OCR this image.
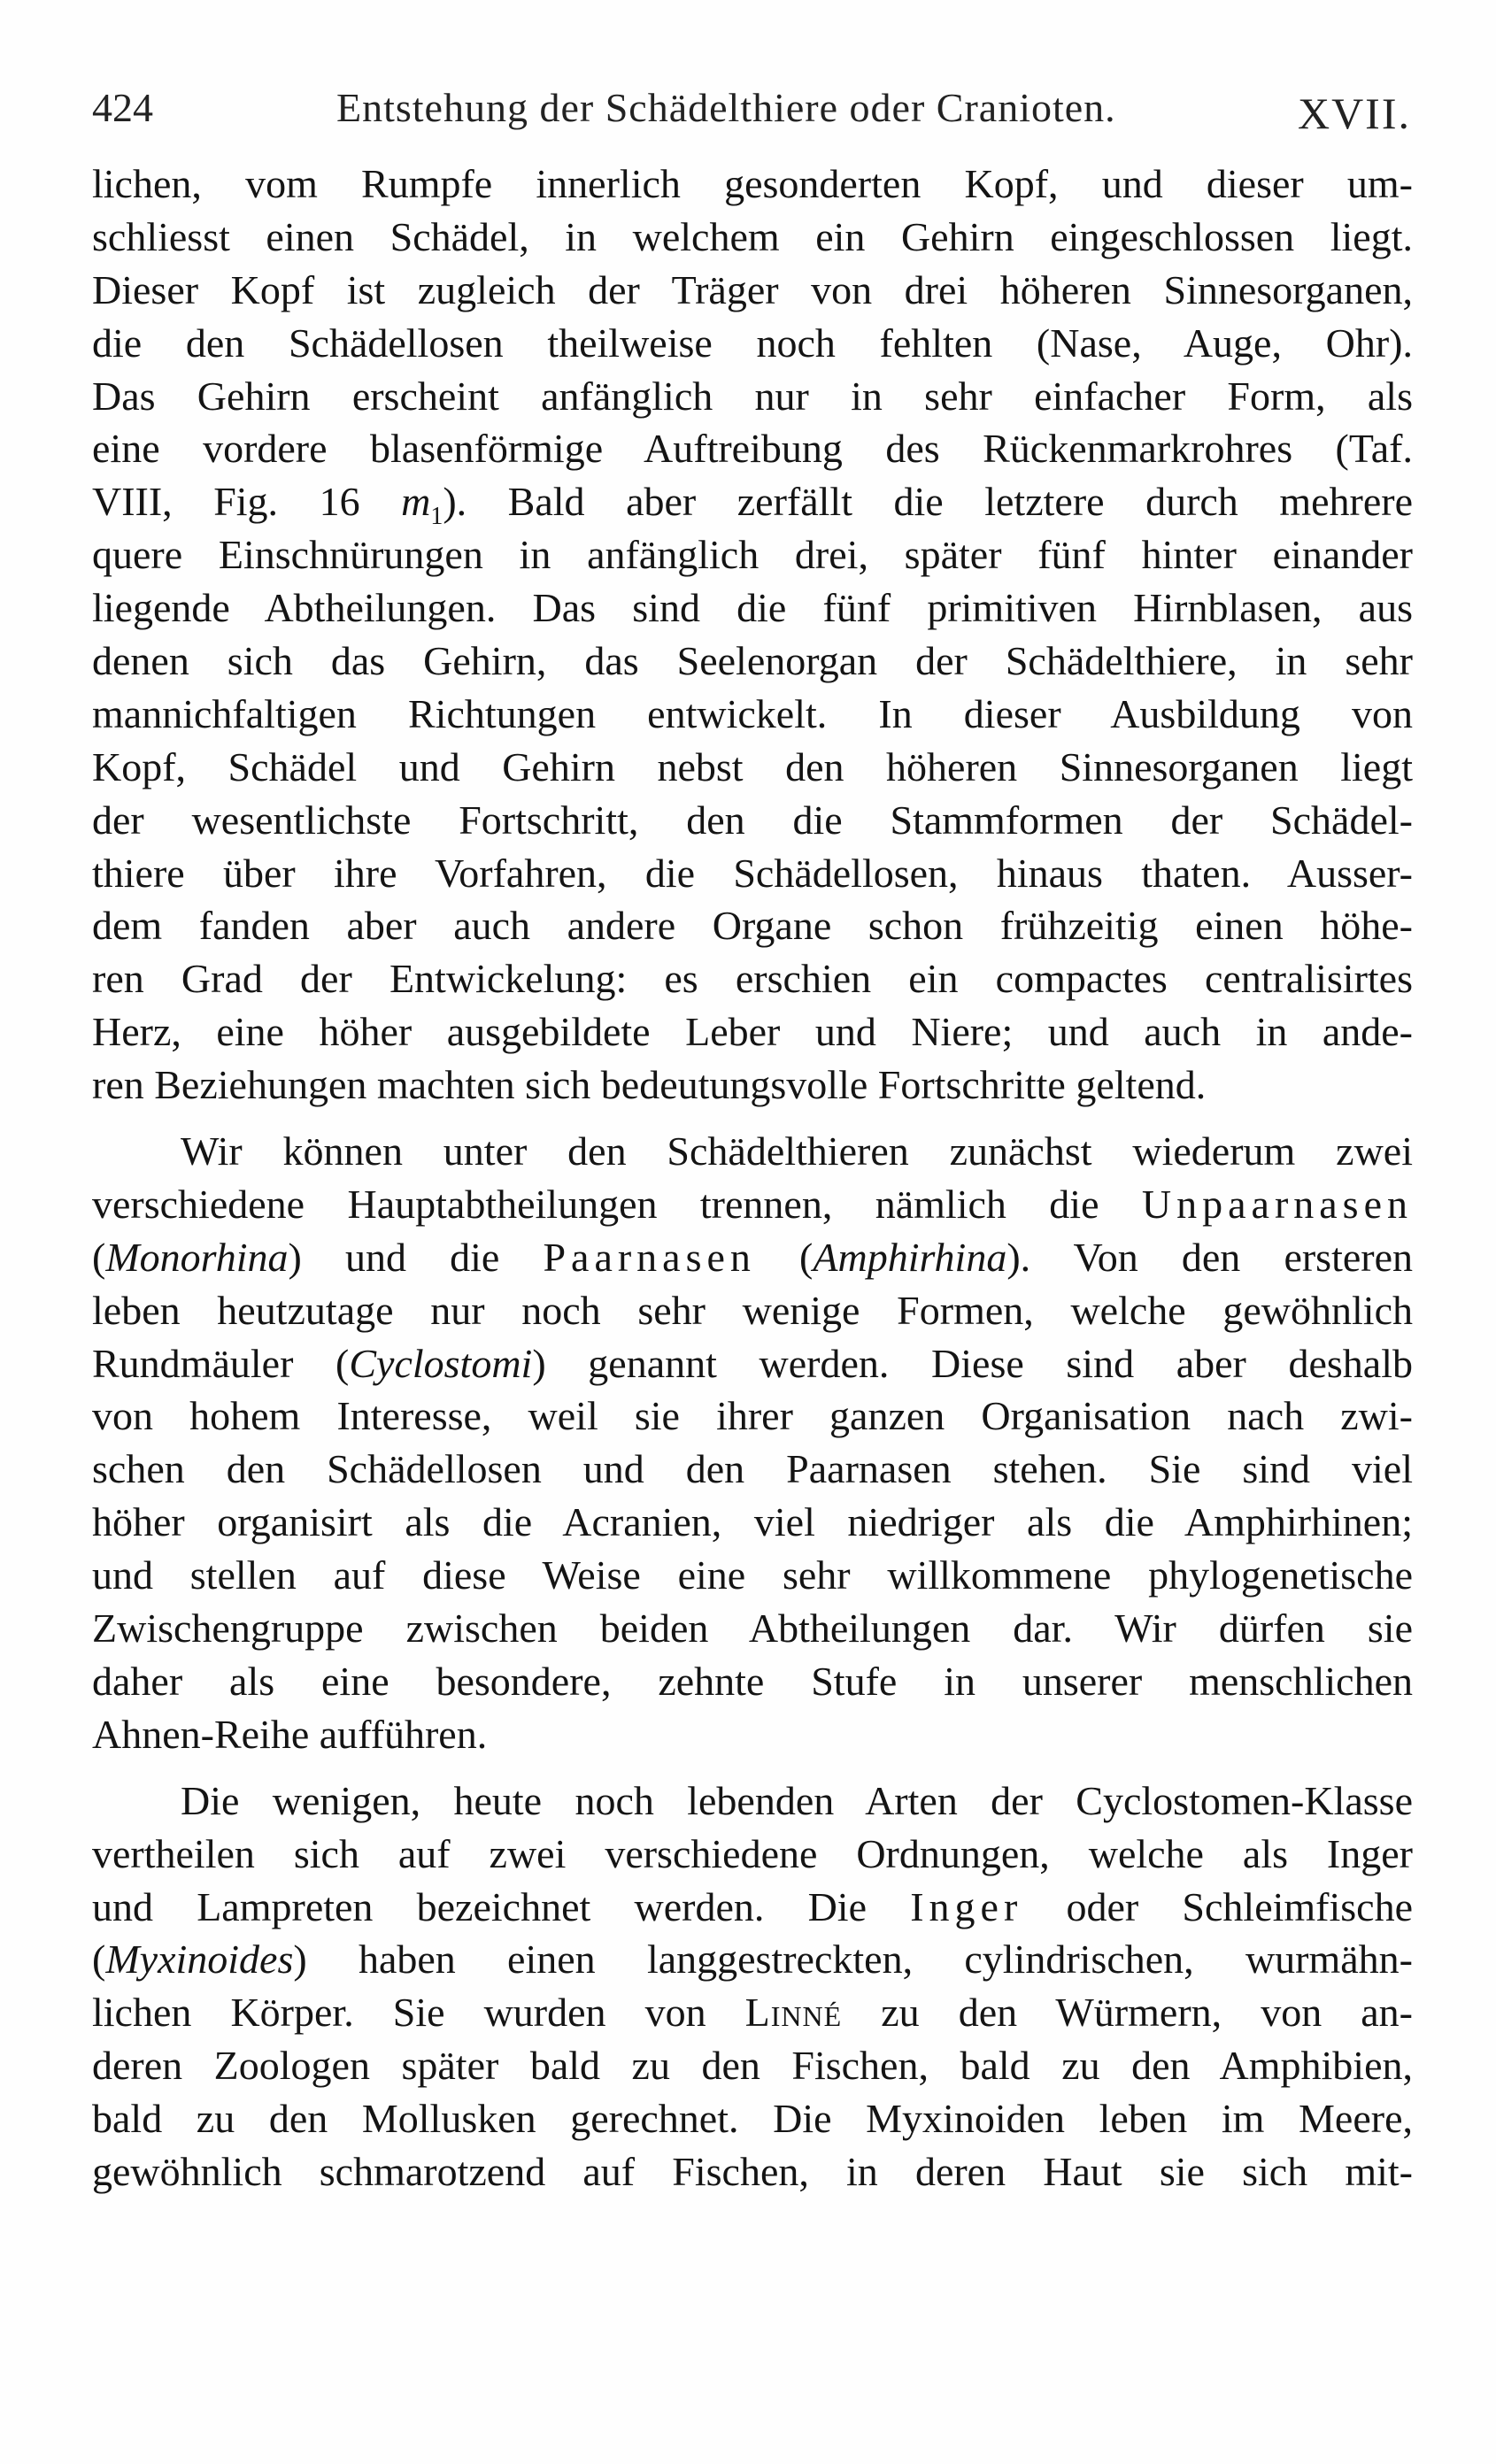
424	Entstehung der Schädelthiere oder Cranioten.	XVII.

lichen, vom Rumpfe innerlich gesonderten Kopf, und dieser um-
schliesst einen Schädel, in welchem ein Gehirn eingeschlossen liegt.
Dieser Kopf ist zugleich der Träger von drei höheren Sinnesorganen,
die den Schädellosen theilweise noch fehlten (Nase, Auge, Ohr).
Das Gehirn erscheint anfänglich nur in sehr einfacher Form, als
eine vordere blasenförmige Auftreibung des Rückenmarkrohres (Taf.
VIII, Fig. 16 $m_1$). Bald aber zerfällt die letztere durch mehrere
quere Einschnürungen in anfänglich drei, später fünf hinter einander
liegende Abtheilungen. Das sind die fünf primitiven Hirnblasen, aus
denen sich das Gehirn, das Seelenorgan der Schädelthiere, in sehr
mannichfaltigen Richtungen entwickelt. In dieser Ausbildung von
Kopf, Schädel und Gehirn nebst den höheren Sinnesorganen liegt
der wesentlichste Fortschritt, den die Stammformen der Schädel-
thiere über ihre Vorfahren, die Schädellosen, hinaus thaten. Ausser-
dem fanden aber auch andere Organe schon frühzeitig einen höhe-
ren Grad der Entwickelung: es erschien ein compactes centralisirtes
Herz, eine höher ausgebildete Leber und Niere; und auch in ande-
ren Beziehungen machten sich bedeutungsvolle Fortschritte geltend.

Wir können unter den Schädelthieren zunächst wiederum zwei
verschiedene Hauptabtheilungen trennen, nämlich die Unpaarnasen
(Monorhina) und die Paarnasen (Amphirhina). Von den ersteren
leben heutzutage nur noch sehr wenige Formen, welche gewöhnlich
Rundmäuler (Cyclostomi) genannt werden. Diese sind aber deshalb
von hohem Interesse, weil sie ihrer ganzen Organisation nach zwi-
schen den Schädellosen und den Paarnasen stehen. Sie sind viel
höher organisirt als die Acranien, viel niedriger als die Amphirhinen;
und stellen auf diese Weise eine sehr willkommene phylogenetische
Zwischengruppe zwischen beiden Abtheilungen dar. Wir dürfen sie
daher als eine besondere, zehnte Stufe in unserer menschlichen
Ahnen-Reihe aufführen.

Die wenigen, heute noch lebenden Arten der Cyclostomen-Klasse
vertheilen sich auf zwei verschiedene Ordnungen, welche als Inger
und Lampreten bezeichnet werden. Die Inger oder Schleimfische
(Myxinoides) haben einen langgestreckten, cylindrischen, wurmähn-
lichen Körper. Sie wurden von Linné zu den Würmern, von an-
deren Zoologen später bald zu den Fischen, bald zu den Amphibien,
bald zu den Mollusken gerechnet. Die Myxinoiden leben im Meere,
gewöhnlich schmarotzend auf Fischen, in deren Haut sie sich mit-
